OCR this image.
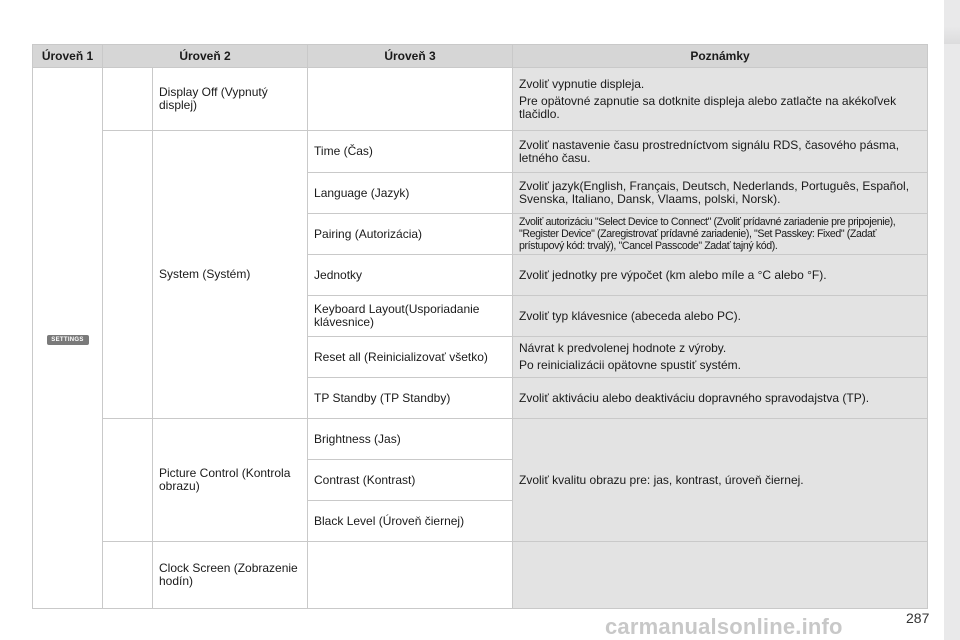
Úroveň 1	Úroveň 2		Úroveň 3	Poznámky
SETTINGS		Display Off (Vypnutý displej)		Zvoliť vypnutie displeja.

Pre opätovné zapnutie sa dotknite displeja alebo zatlačte na akékoľvek tlačidlo.

		System (Systém)	Time (Čas)	Zvoliť nastavenie času prostredníctvom signálu RDS, časového pásma, letného času.
			Language (Jazyk)	Zvoliť jazyk(English, Français, Deutsch, Nederlands, Português, Español, Svenska, Italiano, Dansk, Vlaams, polski, Norsk).
			Pairing (Autorizácia)	Zvoliť autorizáciu "Select Device to Connect" (Zvoliť prídavné zariadenie pre pripojenie), "Register Device" (Zaregistrovať prídavné zariadenie), "Set Passkey: Fixed" (Zadať prístupový kód: trvalý), "Cancel Passcode" Zadať tajný kód).
			Jednotky	Zvoliť jednotky pre výpočet (km alebo míle a °C alebo °F).
			Keyboard Layout(Usporiadanie klávesnice)	Zvoliť typ klávesnice (abeceda alebo PC).
			Reset all (Reinicializovať všetko)	Návrat k predvolenej hodnote z výroby.

Po reinicializácii opätovne spustiť systém.

			TP Standby (TP Standby)	Zvoliť aktiváciu alebo deaktiváciu dopravného spravodajstva (TP).
		Picture Control (Kontrola obrazu)	Brightness (Jas)	Zvoliť kvalitu obrazu pre: jas, kontrast, úroveň čiernej.
			Contrast (Kontrast)	
			Black Level (Úroveň čiernej)	
		Clock Screen (Zobrazenie hodín)		
carmanualsonline.info	287
